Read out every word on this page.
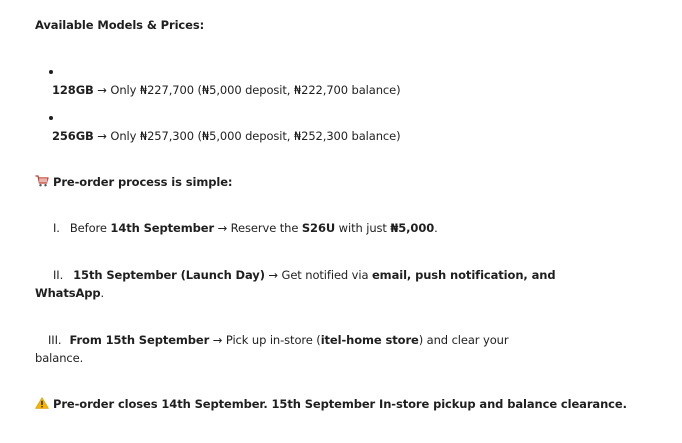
Available Models & Prices:
128GB → Only ₦227,700 (₦5,000 deposit, ₦222,700 balance)
256GB → Only ₦257,300 (₦5,000 deposit, ₦252,300 balance)
Pre-order process is simple:
I. Before 14th September → Reserve the S26U with just ₦5,000.
II. 15th September (Launch Day) → Get notified via email, push notification, and
WhatsApp.
III. From 15th September → Pick up in-store (itel-home store) and clear your
balance.
Pre-order closes 14th September. 15th September In-store pickup and balance clearance.
